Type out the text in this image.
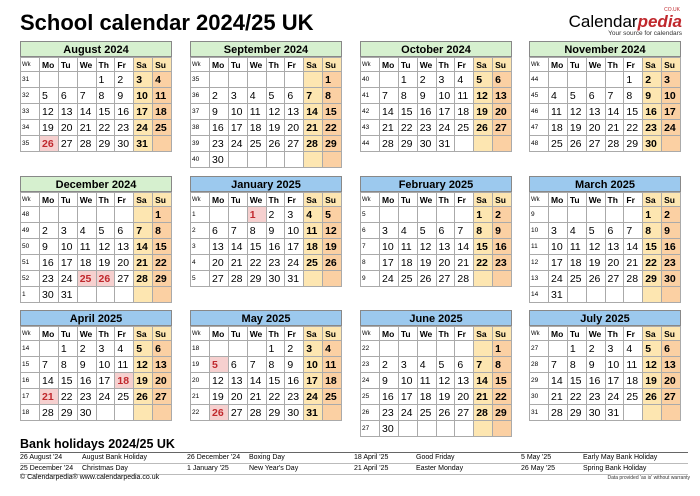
School calendar 2024/25 UK	CO.UK
Calendarpedia
Your source for calendars
August 2024
Wk	Mo	Tu	We	Th	Fr	Sa	Su
31				1	2	3	4
32	5	6	7	8	9	10	11
33	12	13	14	15	16	17	18
34	19	20	21	22	23	24	25
35	26	27	28	29	30	31	
September 2024
Wk	Mo	Tu	We	Th	Fr	Sa	Su
35							1
36	2	3	4	5	6	7	8
37	9	10	11	12	13	14	15
38	16	17	18	19	20	21	22
39	23	24	25	26	27	28	29
40	30						
October 2024
Wk	Mo	Tu	We	Th	Fr	Sa	Su
40		1	2	3	4	5	6
41	7	8	9	10	11	12	13
42	14	15	16	17	18	19	20
43	21	22	23	24	25	26	27
44	28	29	30	31			
November 2024
Wk	Mo	Tu	We	Th	Fr	Sa	Su
44					1	2	3
45	4	5	6	7	8	9	10
46	11	12	13	14	15	16	17
47	18	19	20	21	22	23	24
48	25	26	27	28	29	30	
December 2024
Wk	Mo	Tu	We	Th	Fr	Sa	Su
48							1
49	2	3	4	5	6	7	8
50	9	10	11	12	13	14	15
51	16	17	18	19	20	21	22
52	23	24	25	26	27	28	29
1	30	31					
January 2025
Wk	Mo	Tu	We	Th	Fr	Sa	Su
1			1	2	3	4	5
2	6	7	8	9	10	11	12
3	13	14	15	16	17	18	19
4	20	21	22	23	24	25	26
5	27	28	29	30	31		
February 2025
Wk	Mo	Tu	We	Th	Fr	Sa	Su
5						1	2
6	3	4	5	6	7	8	9
7	10	11	12	13	14	15	16
8	17	18	19	20	21	22	23
9	24	25	26	27	28		
March 2025
Wk	Mo	Tu	We	Th	Fr	Sa	Su
9						1	2
10	3	4	5	6	7	8	9
11	10	11	12	13	14	15	16
12	17	18	19	20	21	22	23
13	24	25	26	27	28	29	30
14	31						
April 2025
Wk	Mo	Tu	We	Th	Fr	Sa	Su
14		1	2	3	4	5	6
15	7	8	9	10	11	12	13
16	14	15	16	17	18	19	20
17	21	22	23	24	25	26	27
18	28	29	30				
May 2025
Wk	Mo	Tu	We	Th	Fr	Sa	Su
18				1	2	3	4
19	5	6	7	8	9	10	11
20	12	13	14	15	16	17	18
21	19	20	21	22	23	24	25
22	26	27	28	29	30	31	
June 2025
Wk	Mo	Tu	We	Th	Fr	Sa	Su
22							1
23	2	3	4	5	6	7	8
24	9	10	11	12	13	14	15
25	16	17	18	19	20	21	22
26	23	24	25	26	27	28	29
27	30						
July 2025
Wk	Mo	Tu	We	Th	Fr	Sa	Su
27		1	2	3	4	5	6
28	7	8	9	10	11	12	13
29	14	15	16	17	18	19	20
30	21	22	23	24	25	26	27
31	28	29	30	31			
Bank holidays 2024/25 UK
26 August '24	August Bank Holiday	26 December '24	Boxing Day	18 April '25	Good Friday	5 May '25	Early May Bank Holiday
25 December '24	Christmas Day	1 January '25	New Year's Day	21 April '25	Easter Monday	26 May '25	Spring Bank Holiday
© Calendarpedia® www.calendarpedia.co.uk	Data provided 'as is' without warranty
